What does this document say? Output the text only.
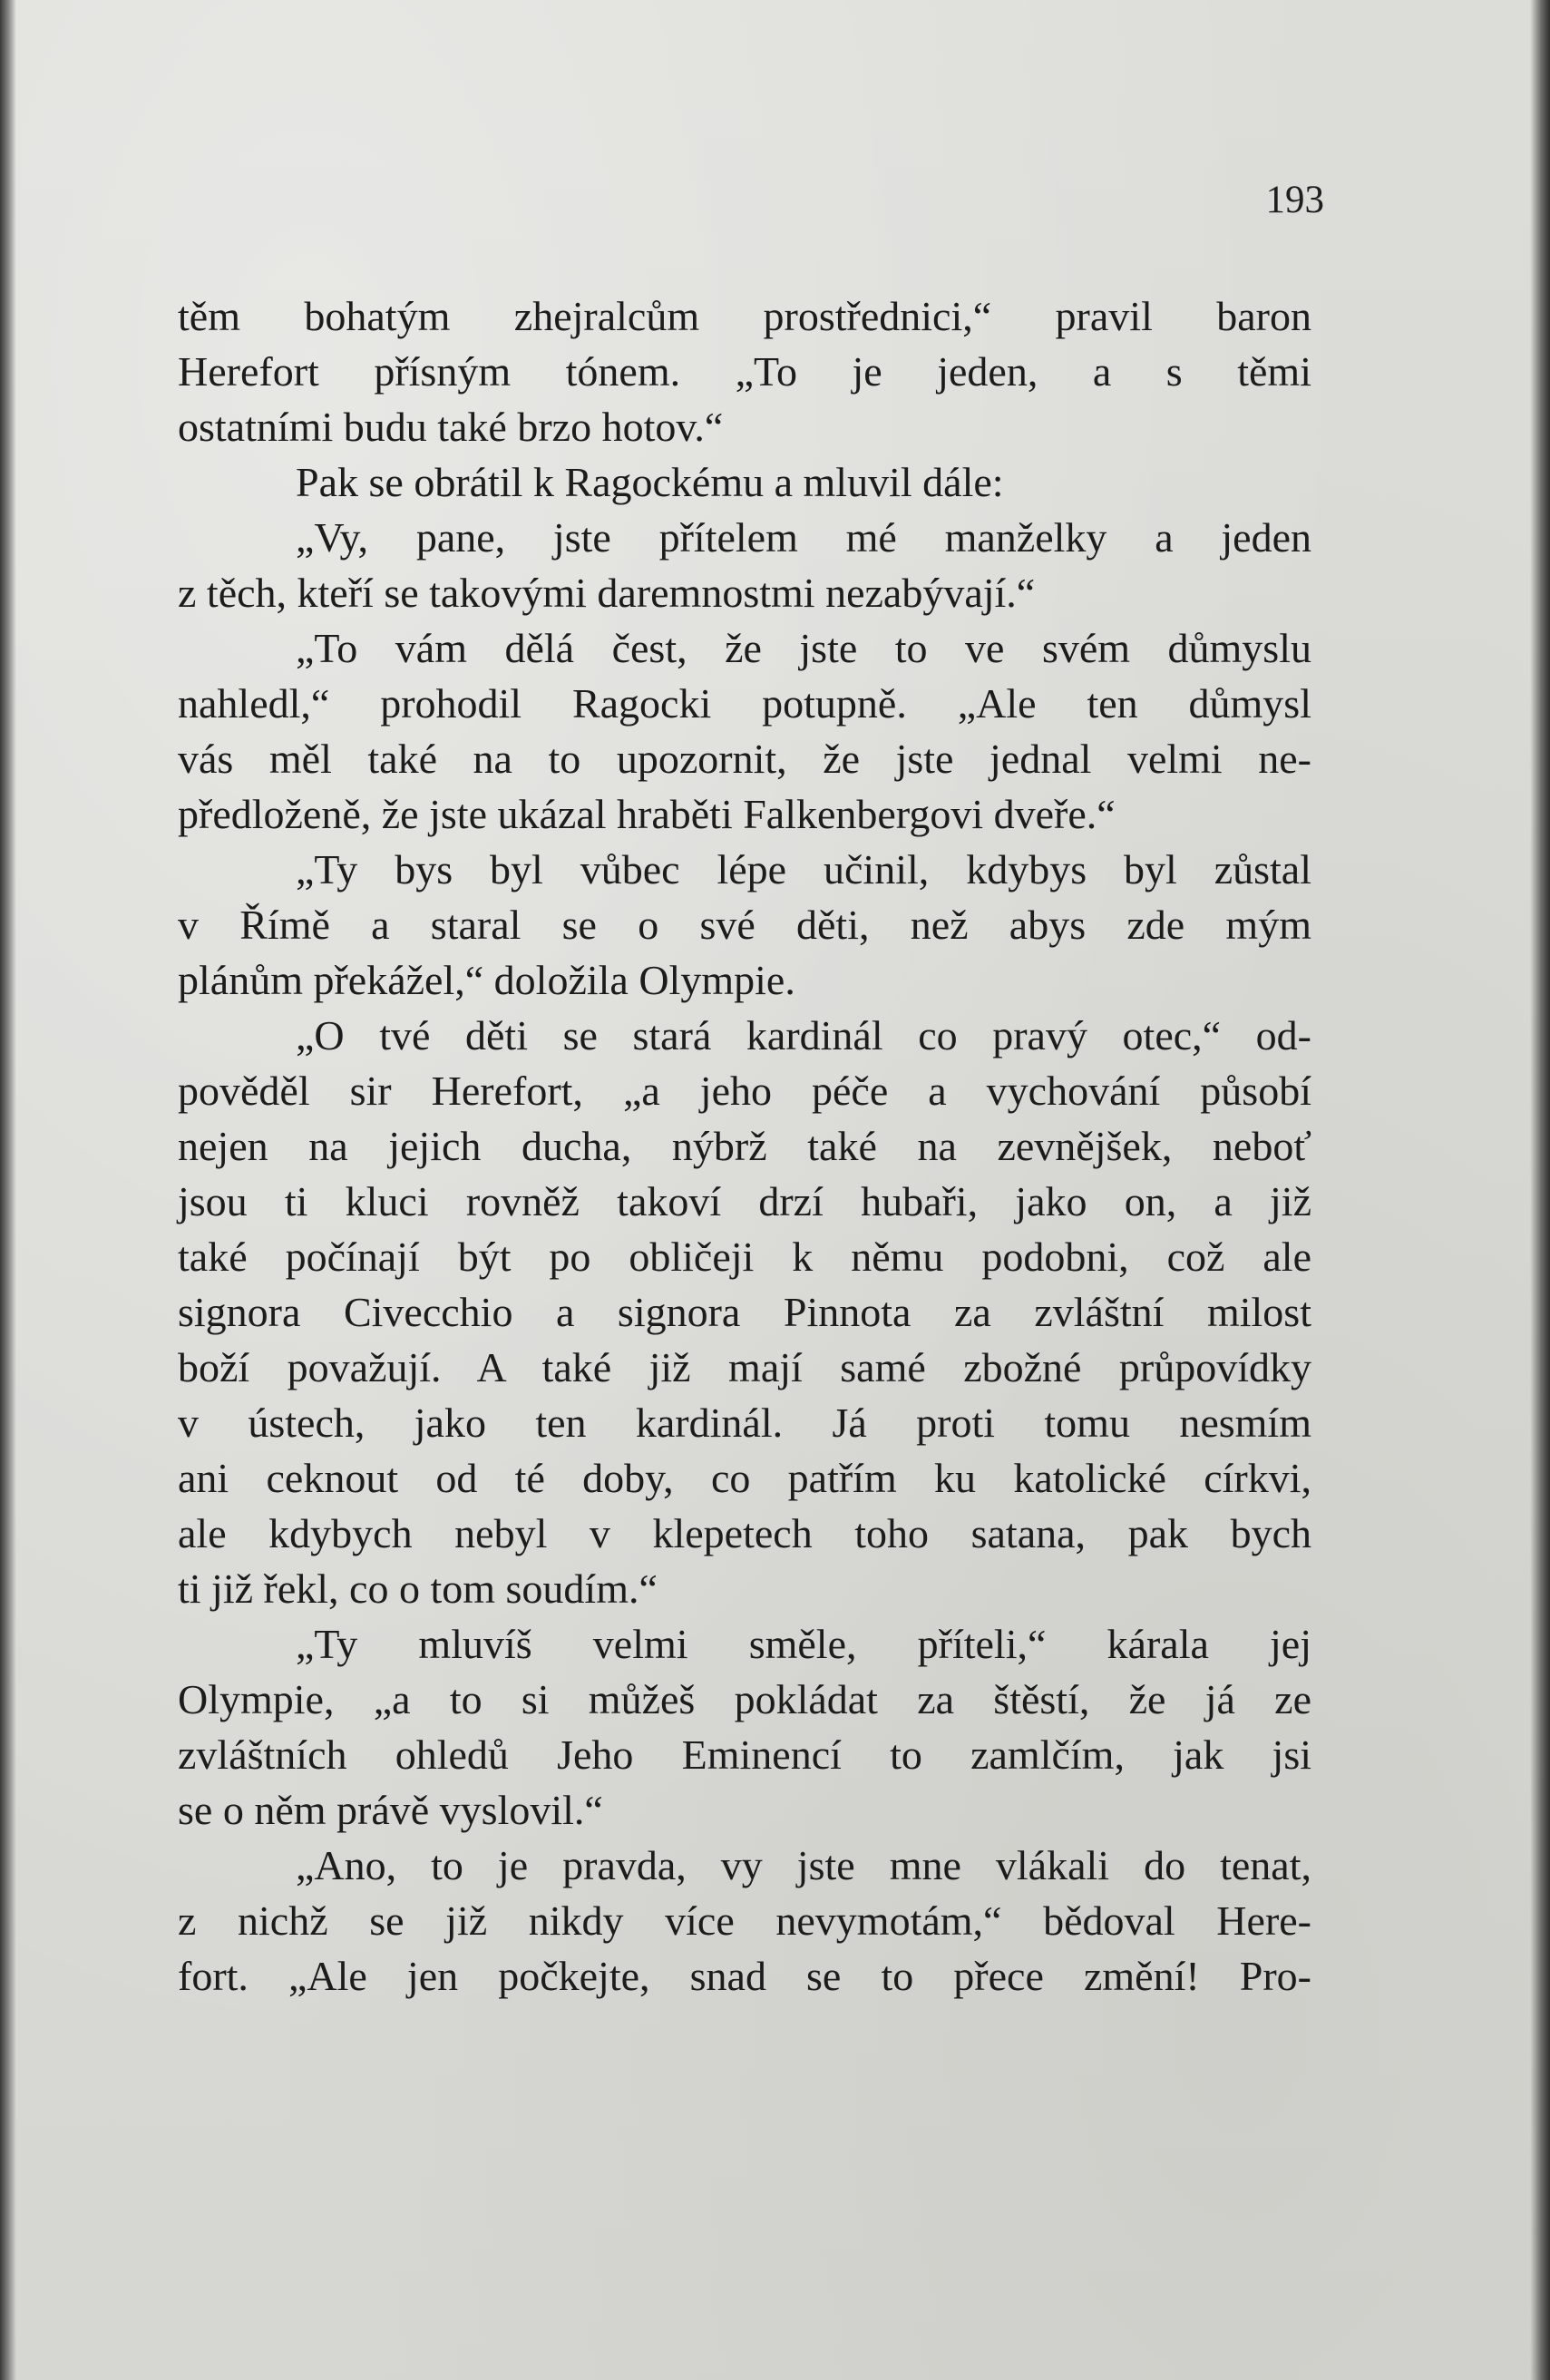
193
těm bohatým zhejralcům prostřednici,“ pravil baron
Herefort přísným tónem. „To je jeden, a s těmi
ostatními budu také brzo hotov.“
Pak se obrátil k Ragockému a mluvil dále:
„Vy, pane, jste přítelem mé manželky a jeden
z těch, kteří se takovými daremnostmi nezabývají.“
„To vám dělá čest, že jste to ve svém důmyslu
nahledl,“ prohodil Ragocki potupně. „Ale ten důmysl
vás měl také na to upozornit, že jste jednal velmi ne-
předloženě, že jste ukázal hraběti Falkenbergovi dveře.“
„Ty bys byl vůbec lépe učinil, kdybys byl zůstal
v Římě a staral se o své děti, než abys zde mým
plánům překážel,“ doložila Olympie.
„O tvé děti se stará kardinál co pravý otec,“ od-
pověděl sir Herefort, „a jeho péče a vychování působí
nejen na jejich ducha, nýbrž také na zevnějšek, neboť
jsou ti kluci rovněž takoví drzí hubaři, jako on, a již
také počínají být po obličeji k němu podobni, což ale
signora Civecchio a signora Pinnota za zvláštní milost
boží považují. A také již mají samé zbožné průpovídky
v ústech, jako ten kardinál. Já proti tomu nesmím
ani ceknout od té doby, co patřím ku katolické církvi,
ale kdybych nebyl v klepetech toho satana, pak bych
ti již řekl, co o tom soudím.“
„Ty mluvíš velmi směle, příteli,“ kárala jej
Olympie, „a to si můžeš pokládat za štěstí, že já ze
zvláštních ohledů Jeho Eminencí to zamlčím, jak jsi
se o něm právě vyslovil.“
„Ano, to je pravda, vy jste mne vlákali do tenat,
z nichž se již nikdy více nevymotám,“ bědoval Here-
fort. „Ale jen počkejte, snad se to přece změní! Pro-
